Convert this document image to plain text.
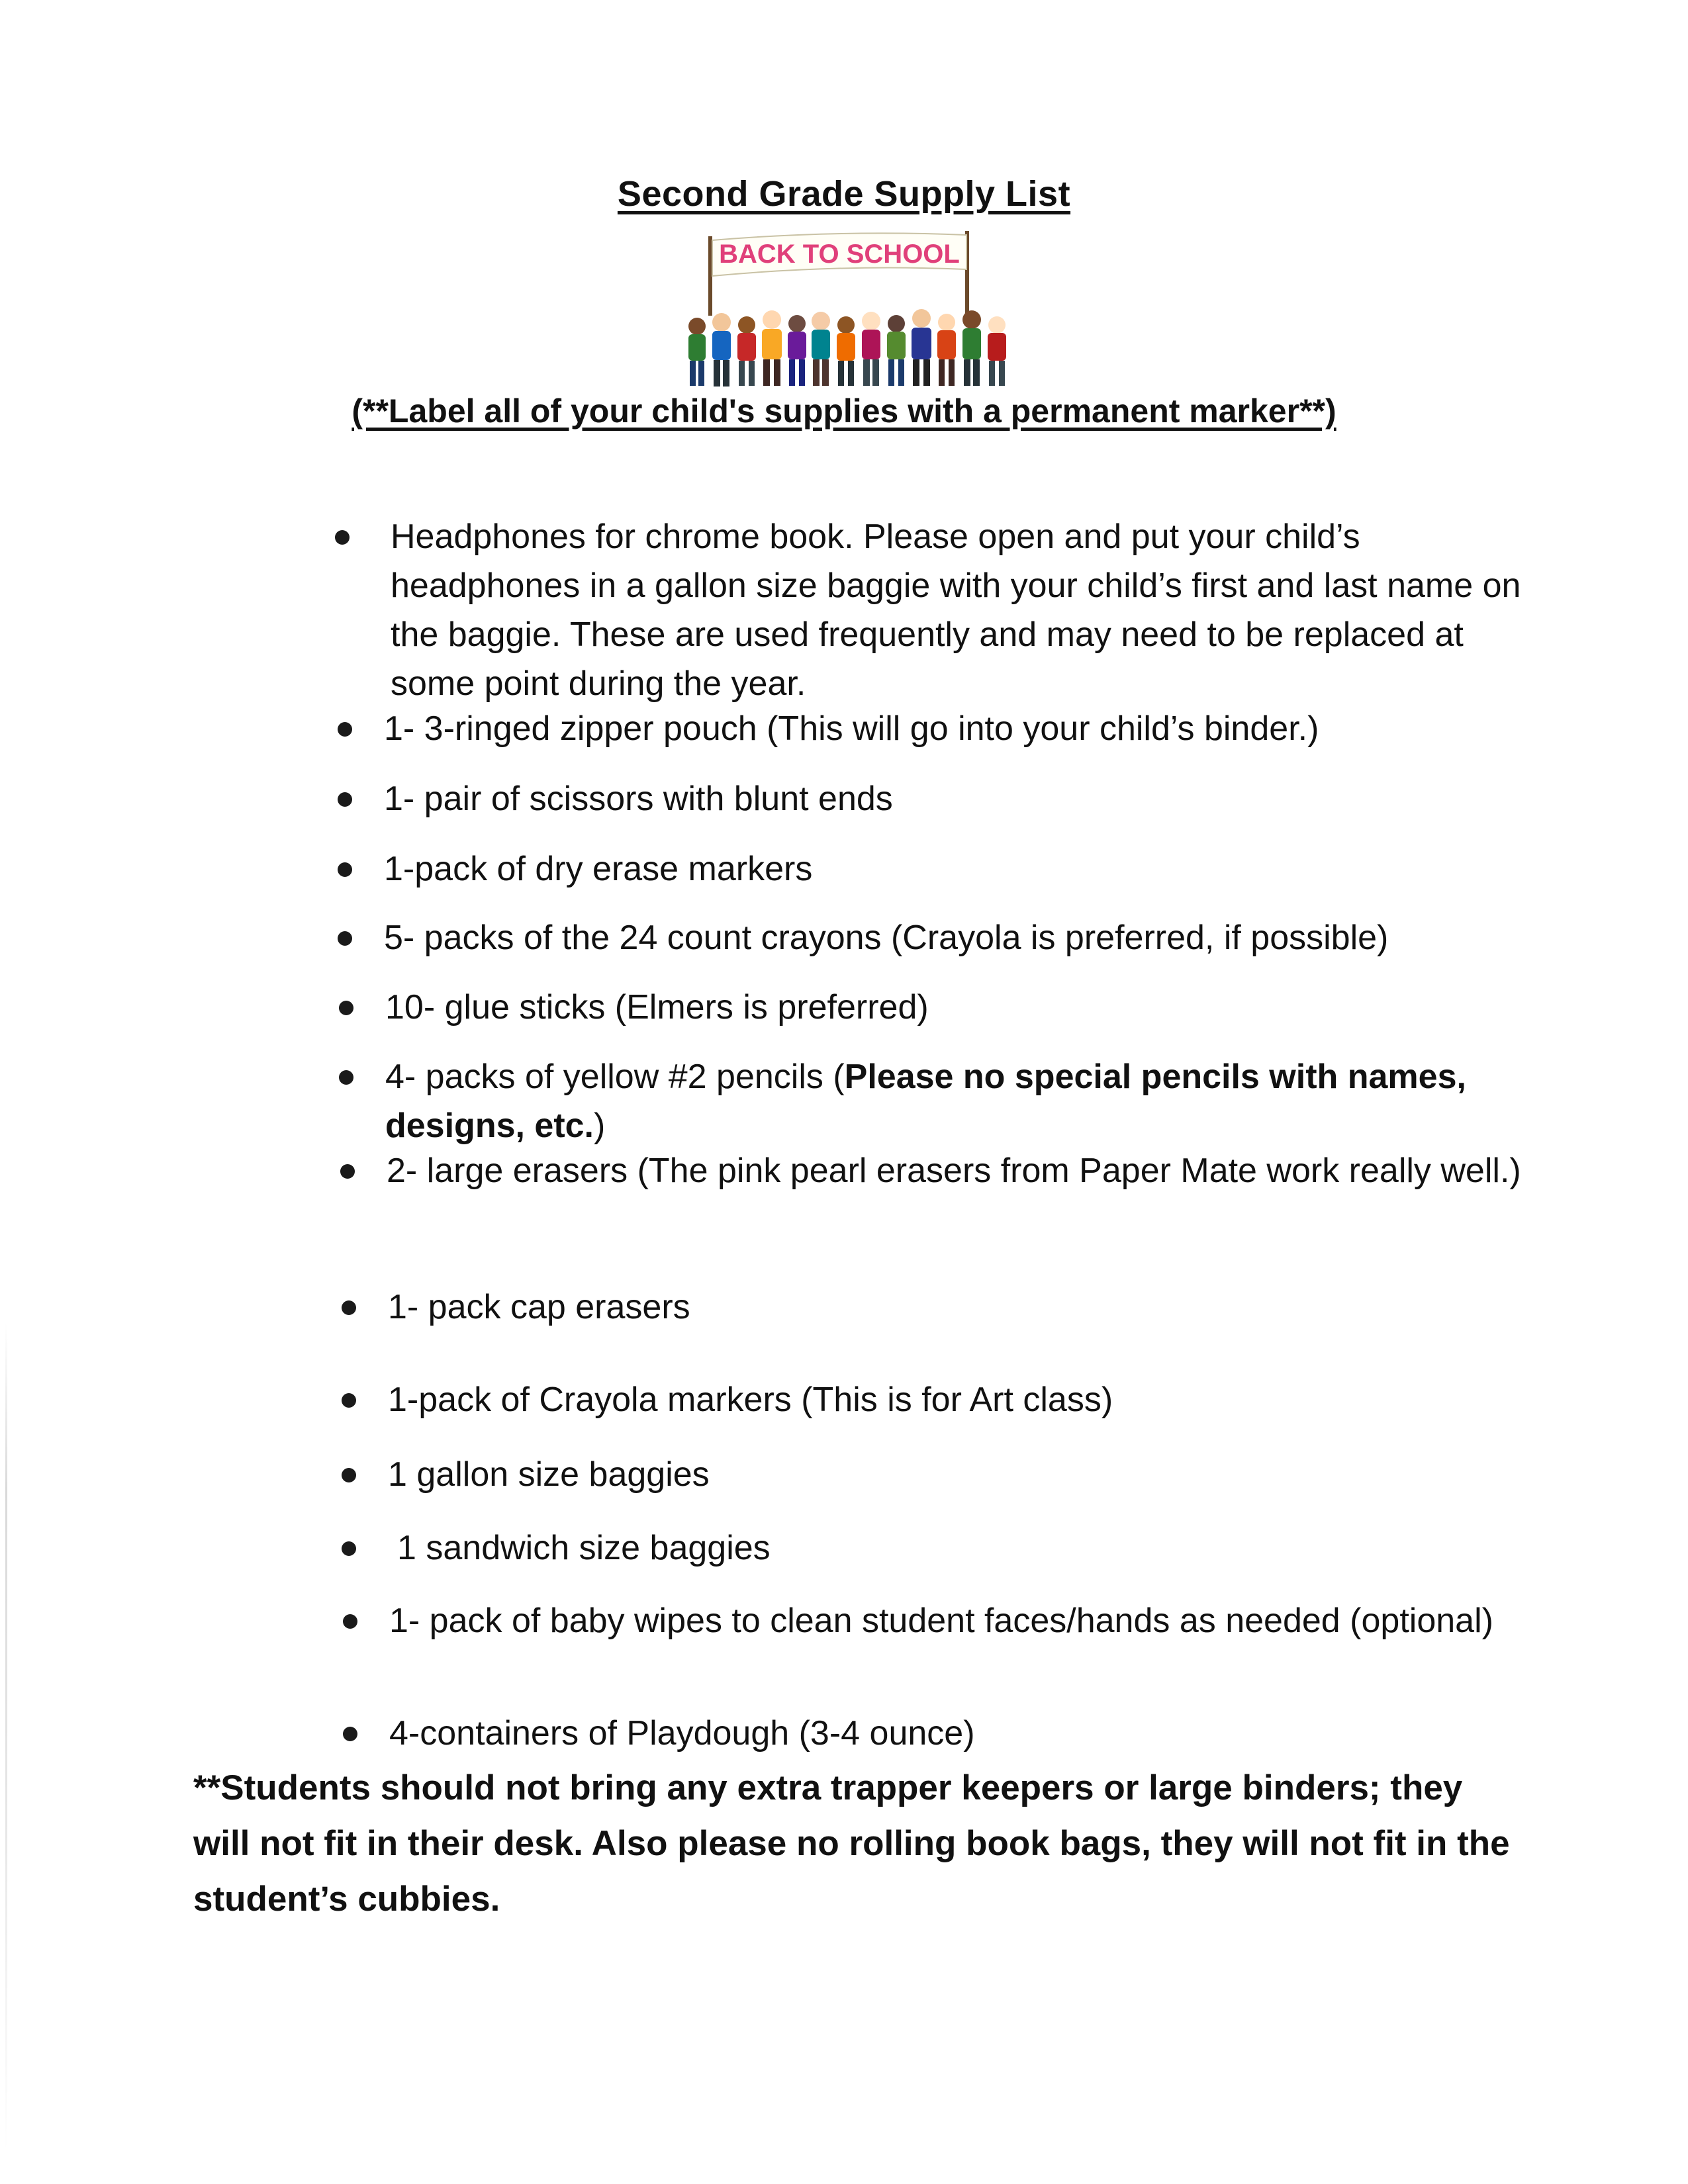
Second Grade Supply List
BACK TO SCHOOL
(**Label all of your child's supplies with a permanent marker**)
Headphones for chrome book. Please open and put your child’s headphones in a gallon size baggie with your child’s first and last name on the baggie. These are used frequently and may need to be replaced at some point during the year.
1- 3-ringed zipper pouch (This will go into your child’s binder.)
1- pair of scissors with blunt ends
1-pack of dry erase markers
5- packs of the 24 count crayons (Crayola is preferred, if possible)
10- glue sticks (Elmers is preferred)
4- packs of yellow #2 pencils (Please no special pencils with names, designs, etc.)
2- large erasers (The pink pearl erasers from Paper Mate work really well.)
1- pack cap erasers
1-pack of Crayola markers (This is for Art class)
1 gallon size baggies
1 sandwich size baggies
1- pack of baby wipes to clean student faces/hands as needed (optional)
4-containers of Playdough (3-4 ounce)
**Students should not bring any extra trapper keepers or large binders; they will not fit in their desk. Also please no rolling book bags, they will not fit in the student’s cubbies.
